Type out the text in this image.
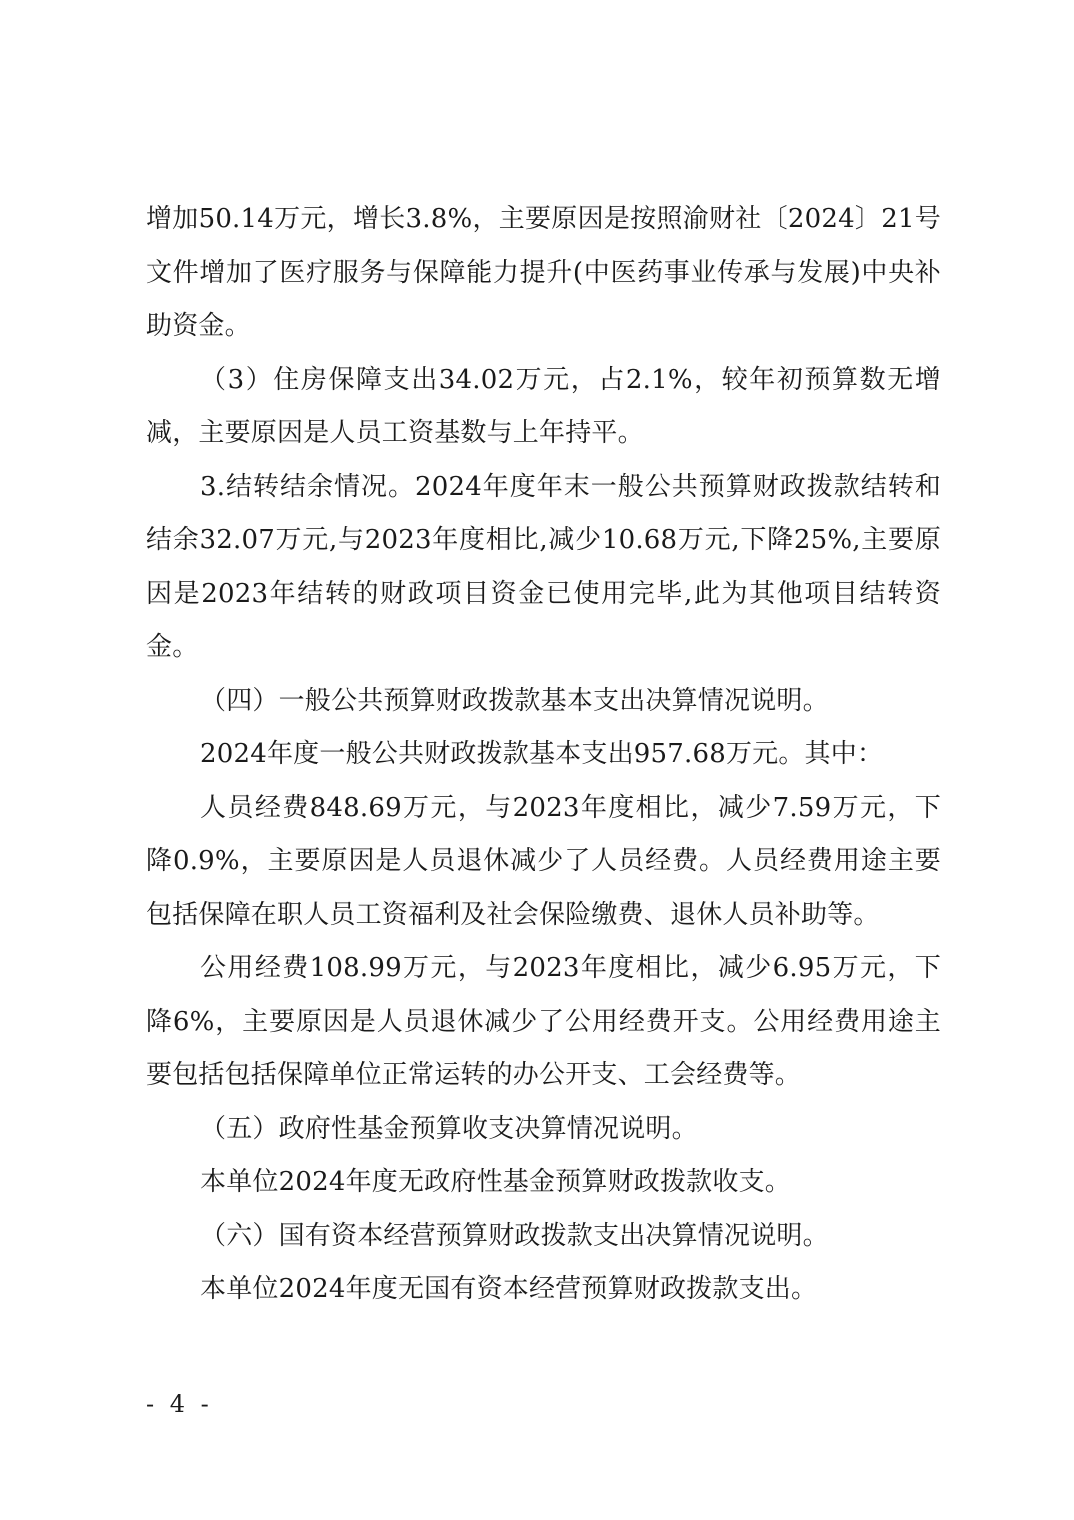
增加50.14万元，增长3.8%，主要原因是按照渝财社〔2024〕21号文件增加了医疗服务与保障能力提升(中医药事业传承与发展)中央补助资金。

（3）住房保障支出34.02万元，占2.1%，较年初预算数无增减，主要原因是人员工资基数与上年持平。

3.结转结余情况。2024年度年末一般公共预算财政拨款结转和结余32.07万元,与2023年度相比,减少10.68万元,下降25%,主要原因是2023年结转的财政项目资金已使用完毕,此为其他项目结转资金。

（四）一般公共预算财政拨款基本支出决算情况说明。

2024年度一般公共财政拨款基本支出957.68万元。其中：

人员经费848.69万元，与2023年度相比，减少7.59万元，下降0.9%，主要原因是人员退休减少了人员经费。人员经费用途主要包括保障在职人员工资福利及社会保险缴费、退休人员补助等。

公用经费108.99万元，与2023年度相比，减少6.95万元，下降6%，主要原因是人员退休减少了公用经费开支。公用经费用途主要包括包括保障单位正常运转的办公开支、工会经费等。

（五）政府性基金预算收支决算情况说明。

本单位2024年度无政府性基金预算财政拨款收支。

（六）国有资本经营预算财政拨款支出决算情况说明。

本单位2024年度无国有资本经营预算财政拨款支出。

- 4 -
